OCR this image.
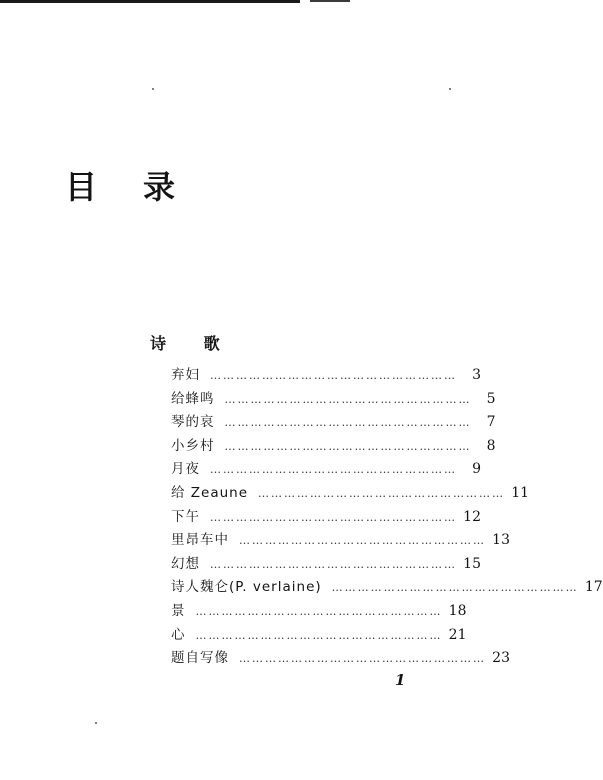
目 录
诗 歌
弃妇 …………………………………………………	3
给蜂鸣 …………………………………………………	5
琴的哀 …………………………………………………	7
小乡村 …………………………………………………	8
月夜 …………………………………………………	9
给 Zeaune ………………………………………………… 11
下午 ………………………………………………… 12
里昂车中 ………………………………………………… 13
幻想 ………………………………………………… 15
诗人魏仑(P. verlaine) ………………………………………………… 17
景 ………………………………………………… 18
心 ………………………………………………… 21
题自写像 ………………………………………………… 23
1
